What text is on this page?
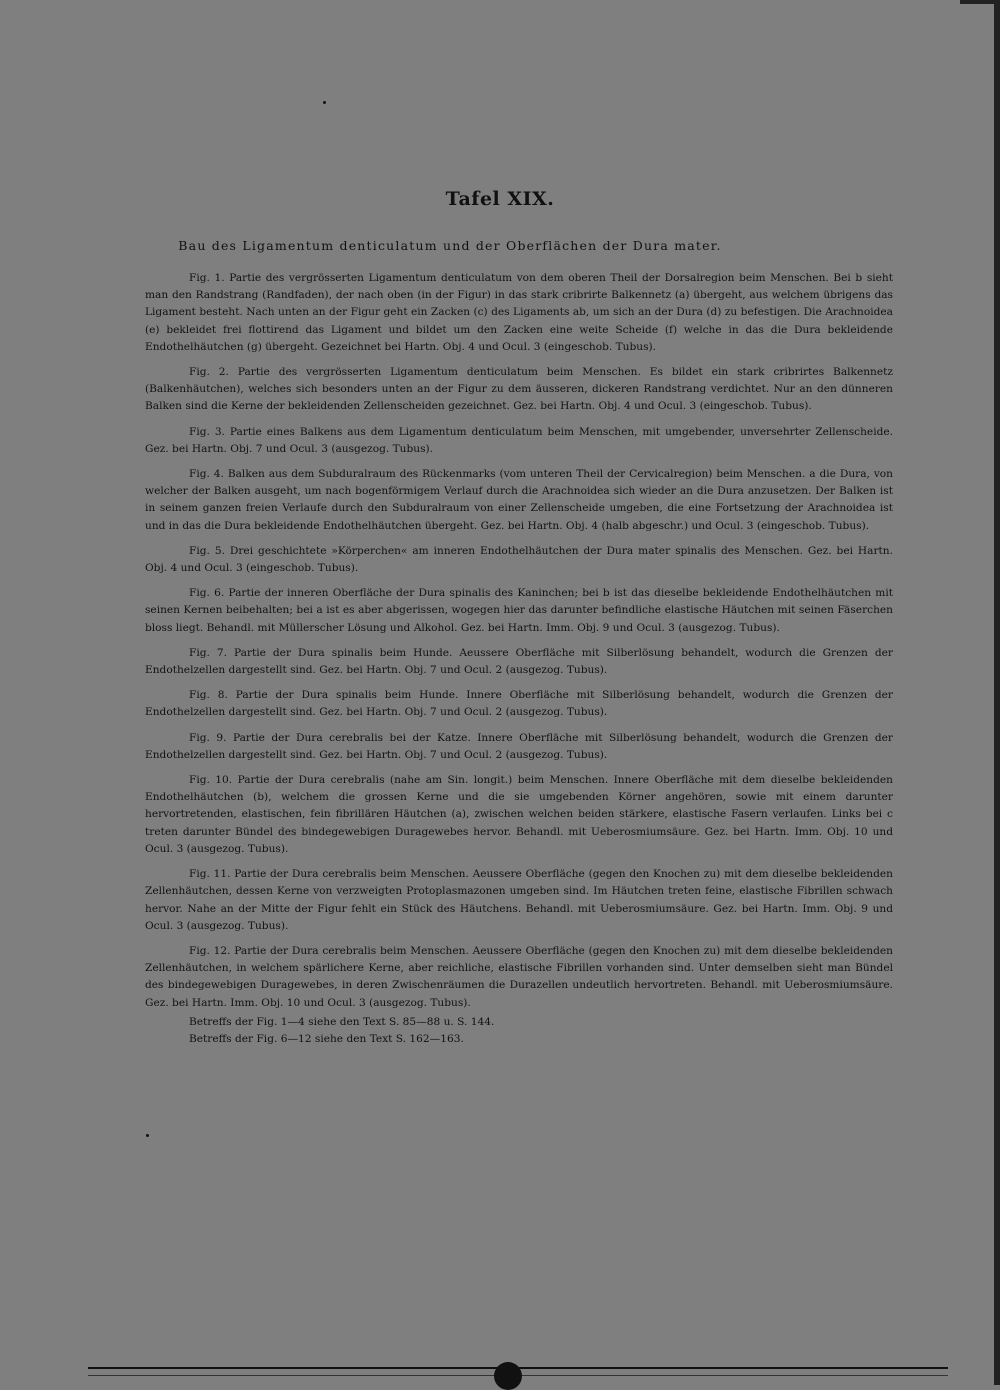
Tafel XIX.
Bau des Ligamentum denticulatum und der Oberflächen der Dura mater.

Fig. 1. Partie des vergrösserten Ligamentum denticulatum von dem oberen Theil der Dorsalregion beim Menschen. Bei b sieht man den Randstrang (Randfaden), der nach oben (in der Figur) in das stark cribrirte Balkennetz (a) übergeht, aus welchem übrigens das Ligament besteht. Nach unten an der Figur geht ein Zacken (c) des Ligaments ab, um sich an der Dura (d) zu befestigen. Die Arachnoidea (e) bekleidet frei flottirend das Ligament und bildet um den Zacken eine weite Scheide (f) welche in das die Dura bekleidende Endothelhäutchen (g) übergeht. Gezeichnet bei Hartn. Obj. 4 und Ocul. 3 (eingeschob. Tubus).

Fig. 2. Partie des vergrösserten Ligamentum denticulatum beim Menschen. Es bildet ein stark cribrirtes Balkennetz (Balkenhäutchen), welches sich besonders unten an der Figur zu dem äusseren, dickeren Randstrang verdichtet. Nur an den dünneren Balken sind die Kerne der bekleidenden Zellenscheiden gezeichnet. Gez. bei Hartn. Obj. 4 und Ocul. 3 (eingeschob. Tubus).

Fig. 3. Partie eines Balkens aus dem Ligamentum denticulatum beim Menschen, mit umgebender, unversehrter Zellenscheide. Gez. bei Hartn. Obj. 7 und Ocul. 3 (ausgezog. Tubus).

Fig. 4. Balken aus dem Subduralraum des Rückenmarks (vom unteren Theil der Cervicalregion) beim Menschen. a die Dura, von welcher der Balken ausgeht, um nach bogenförmigem Verlauf durch die Arachnoidea sich wieder an die Dura anzusetzen. Der Balken ist in seinem ganzen freien Verlaufe durch den Subduralraum von einer Zellenscheide umgeben, die eine Fortsetzung der Arachnoidea ist und in das die Dura bekleidende Endothelhäutchen übergeht. Gez. bei Hartn. Obj. 4 (halb abgeschr.) und Ocul. 3 (eingeschob. Tubus).

Fig. 5. Drei geschichtete »Körperchen« am inneren Endothelhäutchen der Dura mater spinalis des Menschen. Gez. bei Hartn. Obj. 4 und Ocul. 3 (eingeschob. Tubus).

Fig. 6. Partie der inneren Oberfläche der Dura spinalis des Kaninchen; bei b ist das dieselbe bekleidende Endothelhäutchen mit seinen Kernen beibehalten; bei a ist es aber abgerissen, wogegen hier das darunter befindliche elastische Häutchen mit seinen Fäserchen bloss liegt. Behandl. mit Müllerscher Lösung und Alkohol. Gez. bei Hartn. Imm. Obj. 9 und Ocul. 3 (ausgezog. Tubus).

Fig. 7. Partie der Dura spinalis beim Hunde. Aeussere Oberfläche mit Silberlösung behandelt, wodurch die Grenzen der Endothelzellen dargestellt sind. Gez. bei Hartn. Obj. 7 und Ocul. 2 (ausgezog. Tubus).

Fig. 8. Partie der Dura spinalis beim Hunde. Innere Oberfläche mit Silberlösung behandelt, wodurch die Grenzen der Endothelzellen dargestellt sind. Gez. bei Hartn. Obj. 7 und Ocul. 2 (ausgezog. Tubus).

Fig. 9. Partie der Dura cerebralis bei der Katze. Innere Oberfläche mit Silberlösung behandelt, wodurch die Grenzen der Endothelzellen dargestellt sind. Gez. bei Hartn. Obj. 7 und Ocul. 2 (ausgezog. Tubus).

Fig. 10. Partie der Dura cerebralis (nahe am Sin. longit.) beim Menschen. Innere Oberfläche mit dem dieselbe bekleidenden Endothelhäutchen (b), welchem die grossen Kerne und die sie umgebenden Körner angehören, sowie mit einem darunter hervortretenden, elastischen, fein fibrillären Häutchen (a), zwischen welchen beiden stärkere, elastische Fasern verlaufen. Links bei c treten darunter Bündel des bindegewebigen Duragewebes hervor. Behandl. mit Ueberosmiumsäure. Gez. bei Hartn. Imm. Obj. 10 und Ocul. 3 (ausgezog. Tubus).

Fig. 11. Partie der Dura cerebralis beim Menschen. Aeussere Oberfläche (gegen den Knochen zu) mit dem dieselbe bekleidenden Zellenhäutchen, dessen Kerne von verzweigten Protoplasmazonen umgeben sind. Im Häutchen treten feine, elastische Fibrillen schwach hervor. Nahe an der Mitte der Figur fehlt ein Stück des Häutchens. Behandl. mit Ueberosmiumsäure. Gez. bei Hartn. Imm. Obj. 9 und Ocul. 3 (ausgezog. Tubus).

Fig. 12. Partie der Dura cerebralis beim Menschen. Aeussere Oberfläche (gegen den Knochen zu) mit dem dieselbe bekleidenden Zellenhäutchen, in welchem spärlichere Kerne, aber reichliche, elastische Fibrillen vorhanden sind. Unter demselben sieht man Bündel des bindegewebigen Duragewebes, in deren Zwischenräumen die Durazellen undeutlich hervortreten. Behandl. mit Ueberosmiumsäure. Gez. bei Hartn. Imm. Obj. 10 und Ocul. 3 (ausgezog. Tubus).

Betreffs der Fig. 1—4 siehe den Text S. 85—88 u. S. 144.

Betreffs der Fig. 6—12 siehe den Text S. 162—163.
